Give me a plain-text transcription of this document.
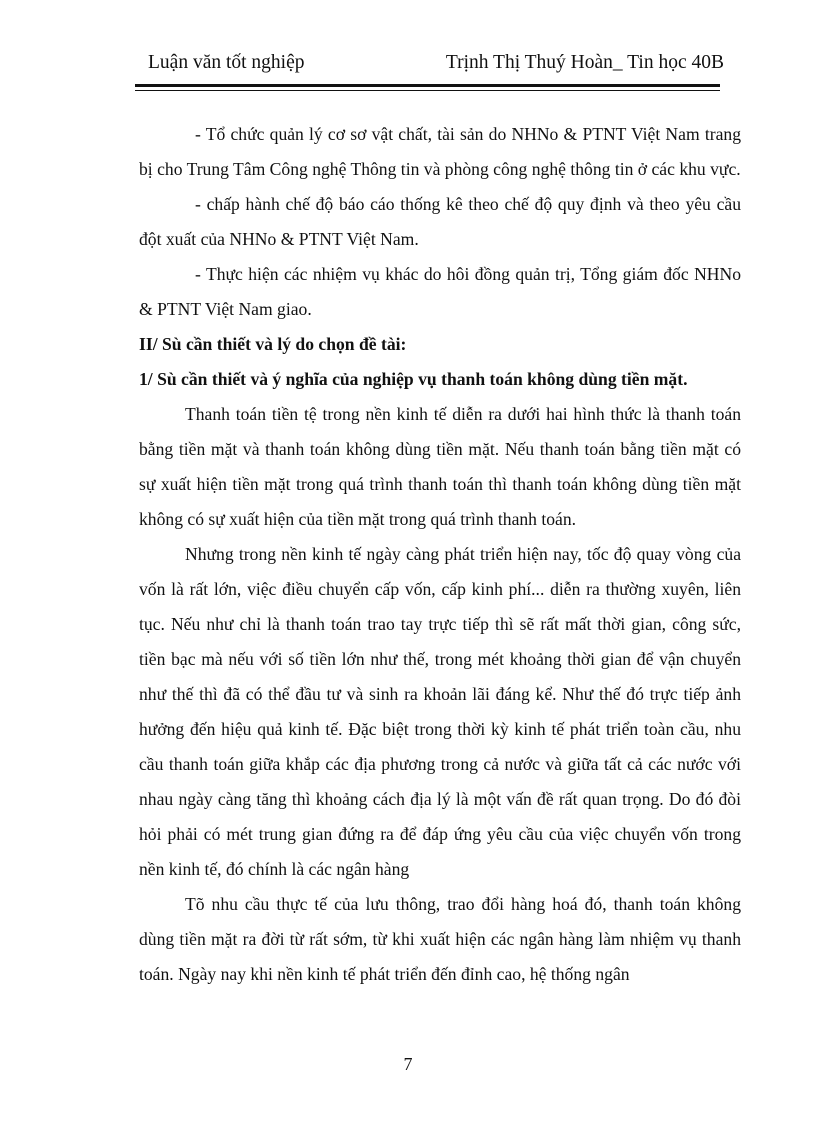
Luận văn tốt nghiệp	Trịnh Thị Thuý Hoàn_ Tin học 40B

- Tổ chức quản lý cơ sơ vật chất, tài sản do NHNo & PTNT Việt Nam trang bị cho Trung Tâm Công nghệ Thông tin và phòng công nghệ thông tin ở các khu vực.

- chấp hành chế độ báo cáo thống kê theo chế độ quy định và theo yêu cầu đột xuất của NHNo & PTNT Việt Nam.

- Thực hiện các nhiệm vụ khác do hôi đồng quản trị, Tổng giám đốc NHNo & PTNT Việt Nam giao.

II/ Sù cần thiết và lý do chọn đề tài:

1/ Sù cần thiết và ý nghĩa của nghiệp vụ thanh toán không dùng tiền mặt.

Thanh toán tiền tệ trong nền kinh tế diễn ra dưới hai hình thức là thanh toán bằng tiền mặt và thanh toán không dùng tiền mặt. Nếu thanh toán bằng tiền mặt có sự xuất hiện tiền mặt trong quá trình thanh toán thì thanh toán không dùng tiền mặt không có sự xuất hiện của tiền mặt trong quá trình thanh toán.

Nhưng trong nền kinh tế ngày càng phát triển hiện nay, tốc độ quay vòng của vốn là rất lớn, việc điều chuyển cấp vốn, cấp kinh phí... diễn ra thường xuyên, liên tục. Nếu như chỉ là thanh toán trao tay trực tiếp thì sẽ rất mất thời gian, công sức, tiền bạc mà nếu với số tiền lớn như thế, trong mét khoảng thời gian để vận chuyển như thế thì đã có thể đầu tư và sinh ra khoản lãi đáng kể. Như thế đó trực tiếp ảnh hưởng đến hiệu quả kinh tế. Đặc biệt trong thời kỳ kinh tế phát triển toàn cầu, nhu cầu thanh toán giữa khắp các địa phương trong cả nước và giữa tất cả các nước với nhau ngày càng tăng thì khoảng cách địa lý là một vấn đề rất quan trọng. Do đó đòi hỏi phải có mét trung gian đứng ra để đáp ứng yêu cầu của việc chuyển vốn trong nền kinh tế, đó chính là các ngân hàng

Tõ nhu cầu thực tế của lưu thông, trao đổi hàng hoá đó, thanh toán không dùng tiền mặt ra đời từ rất sớm, từ khi xuất hiện các ngân hàng làm nhiệm vụ thanh toán. Ngày nay khi nền kinh tế phát triển đến đỉnh cao, hệ thống ngân

7
